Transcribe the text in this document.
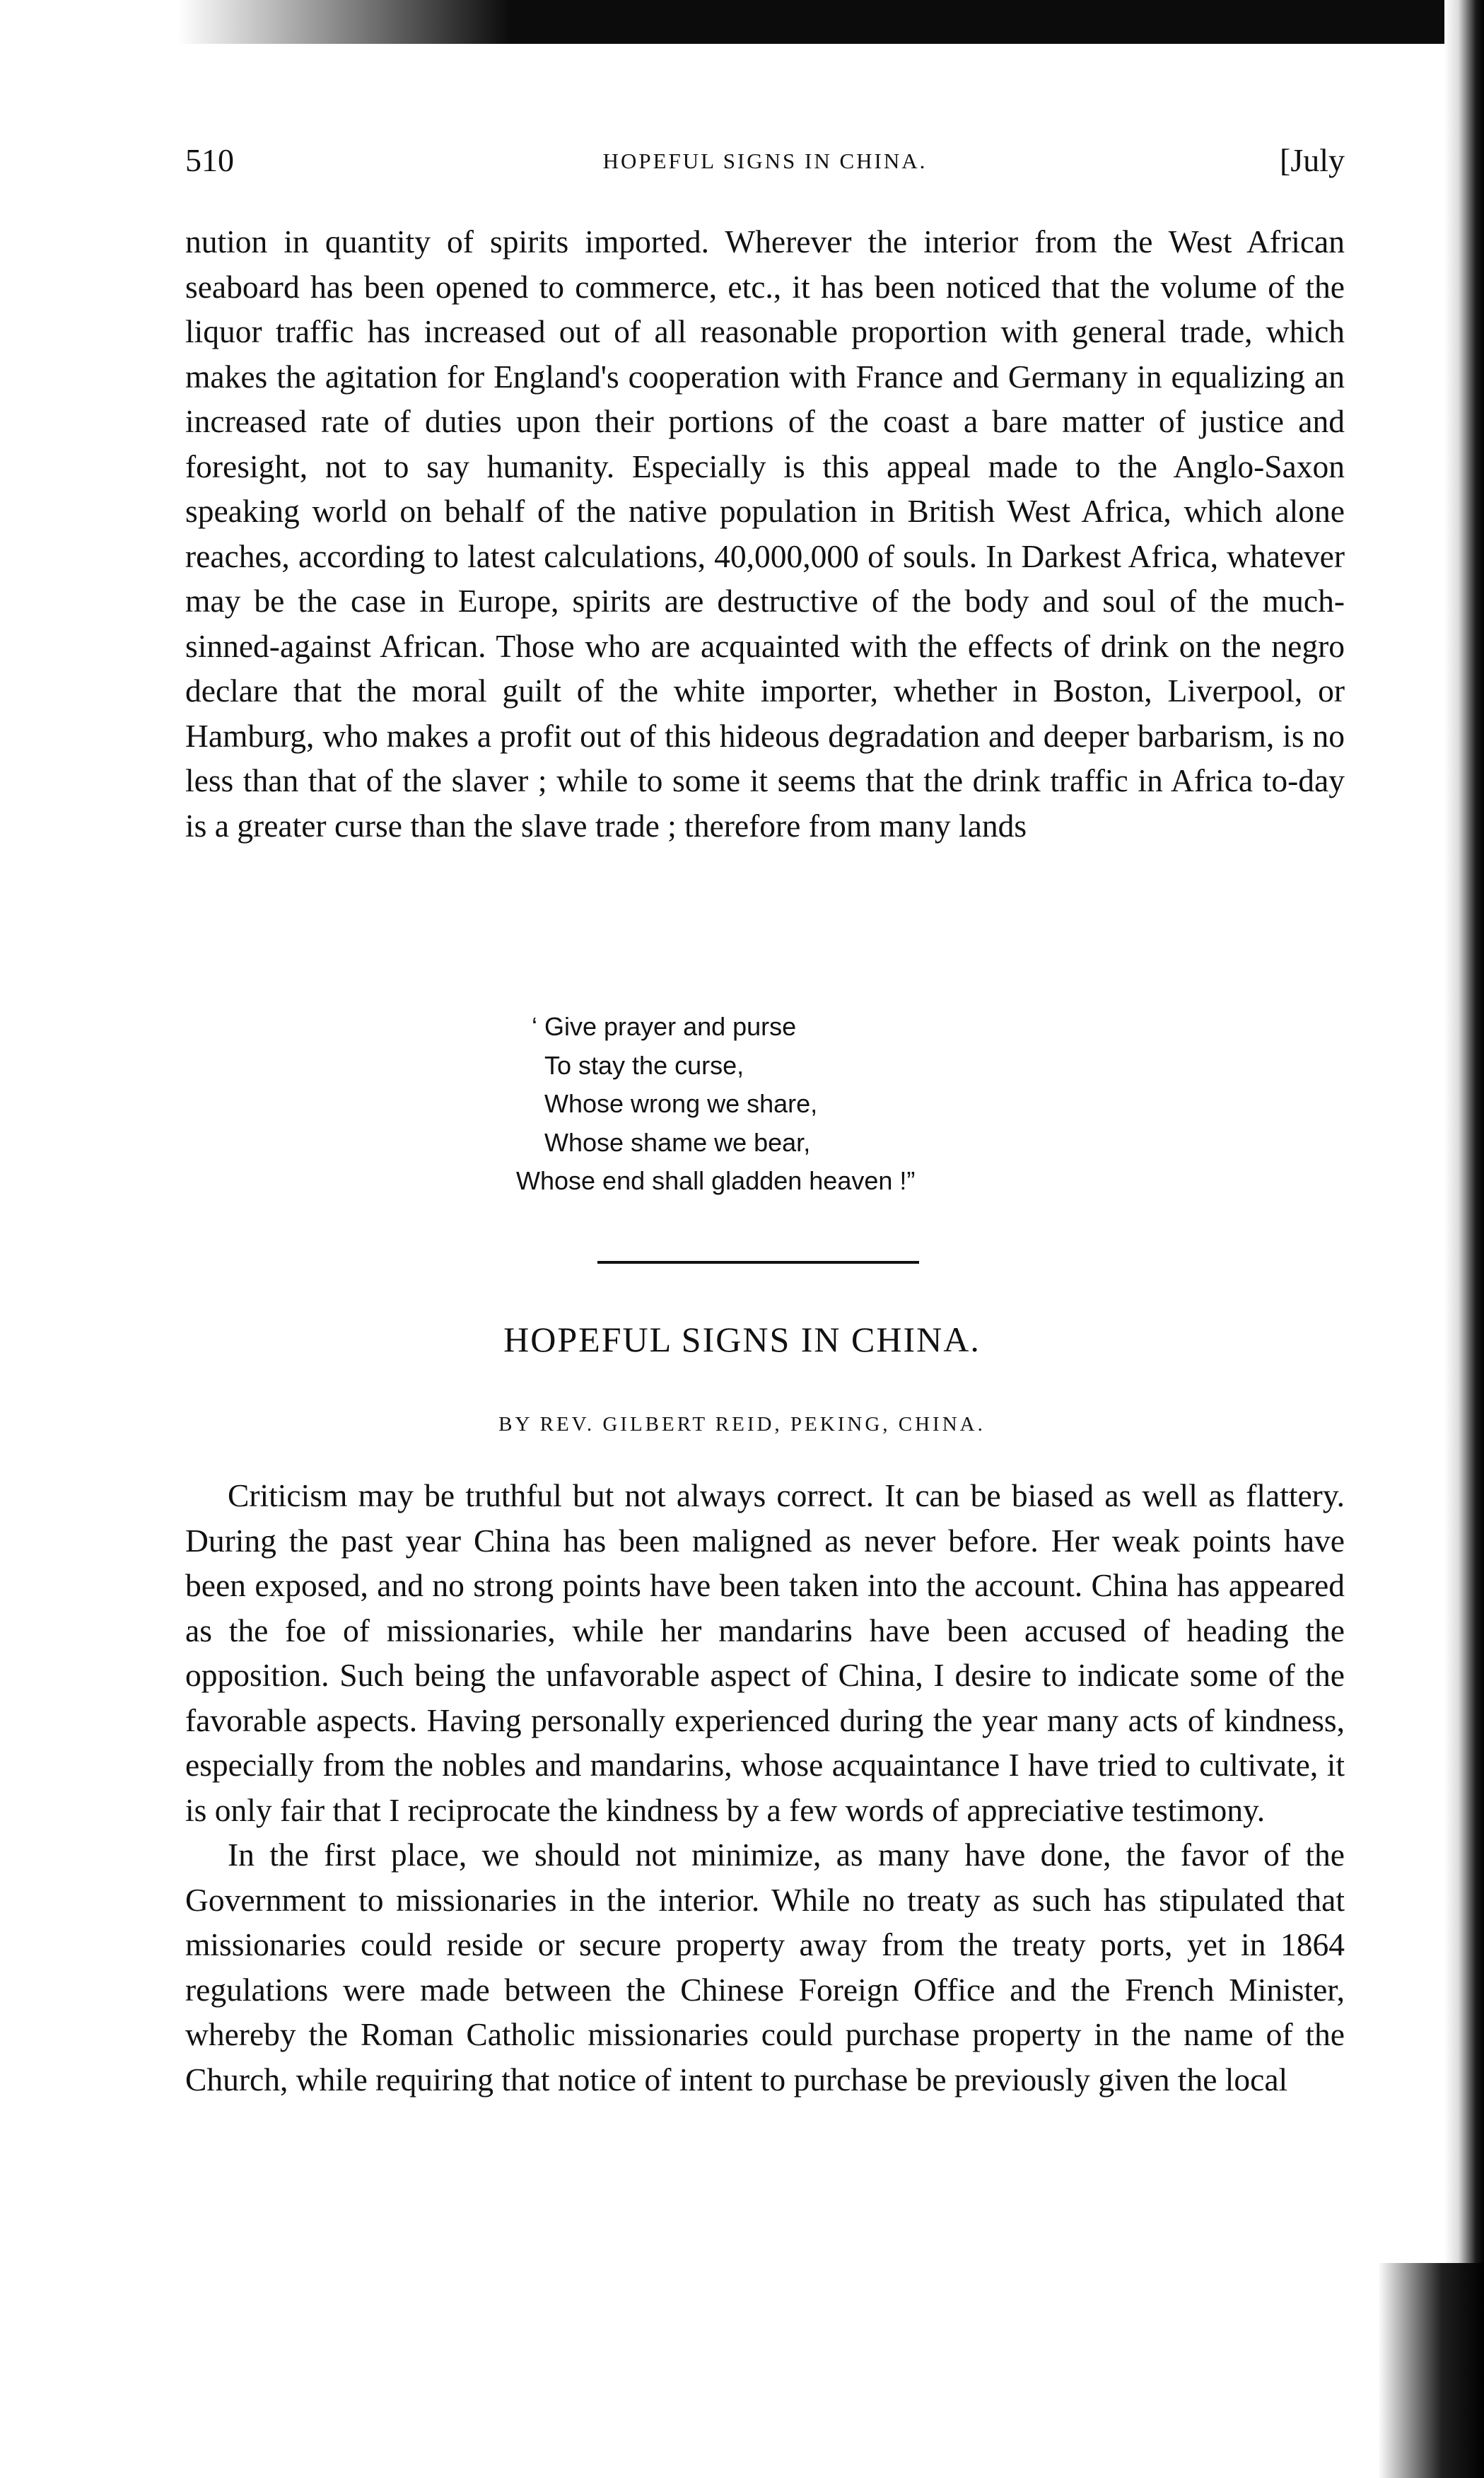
510	HOPEFUL SIGNS IN CHINA.	[July

nution in quantity of spirits imported. Wherever the interior from the West African seaboard has been opened to commerce, etc., it has been noticed that the volume of the liquor traffic has increased out of all reasonable proportion with general trade, which makes the agitation for England's cooperation with France and Germany in equalizing an increased rate of duties upon their portions of the coast a bare matter of justice and foresight, not to say humanity. Especially is this appeal made to the Anglo-Saxon speaking world on behalf of the native population in British West Africa, which alone reaches, according to latest calculations, 40,000,000 of souls. In Darkest Africa, whatever may be the case in Europe, spirits are destructive of the body and soul of the much-sinned-against African. Those who are acquainted with the effects of drink on the negro declare that the moral guilt of the white importer, whether in Boston, Liverpool, or Hamburg, who makes a profit out of this hideous degradation and deeper barbarism, is no less than that of the slaver ; while to some it seems that the drink traffic in Africa to-day is a greater curse than the slave trade ; therefore from many lands

‘ Give prayer and purse
To stay the curse,
Whose wrong we share,
Whose shame we bear,
Whose end shall gladden heaven !”
HOPEFUL SIGNS IN CHINA.
BY REV. GILBERT REID, PEKING, CHINA.

Criticism may be truthful but not always correct. It can be biased as well as flattery. During the past year China has been maligned as never before. Her weak points have been exposed, and no strong points have been taken into the account. China has appeared as the foe of missionaries, while her mandarins have been accused of heading the opposition. Such being the unfavorable aspect of China, I desire to indicate some of the favorable aspects. Having personally experienced during the year many acts of kindness, especially from the nobles and mandarins, whose acquaintance I have tried to cultivate, it is only fair that I reciprocate the kindness by a few words of appreciative testimony.

In the first place, we should not minimize, as many have done, the favor of the Government to missionaries in the interior. While no treaty as such has stipulated that missionaries could reside or secure property away from the treaty ports, yet in 1864 regulations were made between the Chinese Foreign Office and the French Minister, whereby the Roman Catholic missionaries could purchase property in the name of the Church, while requiring that notice of intent to purchase be previously given the local
